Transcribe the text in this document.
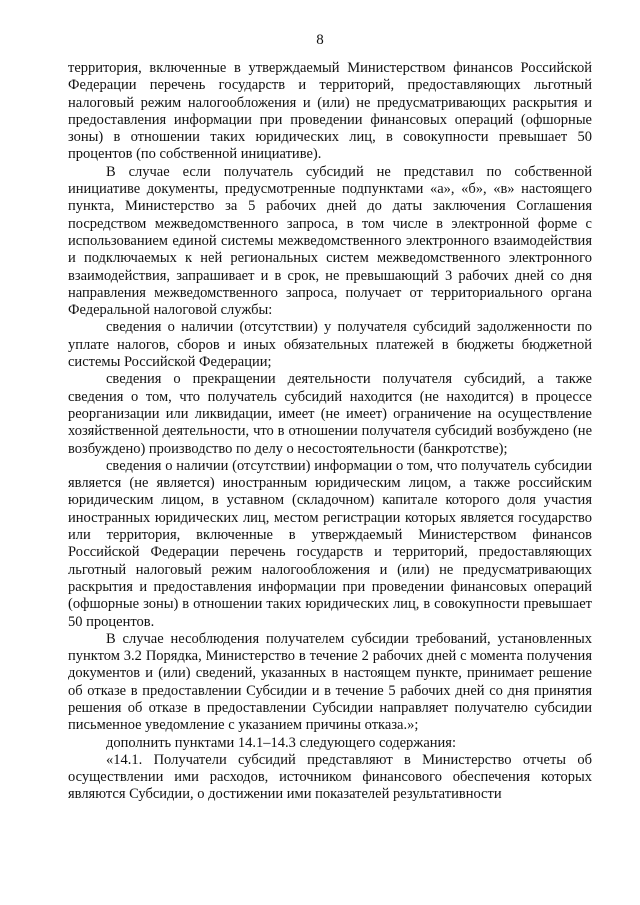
8

территория, включенные в утверждаемый Министерством финансов Российской Федерации перечень государств и территорий, предоставляющих льготный налоговый режим налогообложения и (или) не предусматривающих раскрытия и предоставления информации при проведении финансовых операций (офшорные зоны) в отношении таких юридических лиц, в совокупности превышает 50 процентов (по собственной инициативе).

В случае если получатель субсидий не представил по собственной инициативе документы, предусмотренные подпунктами «а», «б», «в» настоящего пункта, Министерство за 5 рабочих дней до даты заключения Соглашения посредством межведомственного запроса, в том числе в электронной форме с использованием единой системы межведомственного электронного взаимодействия и подключаемых к ней региональных систем межведомственного электронного взаимодействия, запрашивает и в срок, не превышающий 3 рабочих дней со дня направления межведомственного запроса, получает от территориального органа Федеральной налоговой службы:

сведения о наличии (отсутствии) у получателя субсидий задолженности по уплате налогов, сборов и иных обязательных платежей в бюджеты бюджетной системы Российской Федерации;

сведения о прекращении деятельности получателя субсидий, а также сведения о том, что получатель субсидий находится (не находится) в процессе реорганизации или ликвидации, имеет (не имеет) ограничение на осуществление хозяйственной деятельности, что в отношении получателя субсидий возбуждено (не возбуждено) производство по делу о несостоятельности (банкротстве);

сведения о наличии (отсутствии) информации о том, что получатель субсидии является (не является) иностранным юридическим лицом, а также российским юридическим лицом, в уставном (складочном) капитале которого доля участия иностранных юридических лиц, местом регистрации которых является государство или территория, включенные в утверждаемый Министерством финансов Российской Федерации перечень государств и территорий, предоставляющих льготный налоговый режим налогообложения и (или) не предусматривающих раскрытия и предоставления информации при проведении финансовых операций (офшорные зоны) в отношении таких юридических лиц, в совокупности превышает 50 процентов.

В случае несоблюдения получателем субсидии требований, установленных пунктом 3.2 Порядка, Министерство в течение 2 рабочих дней с момента получения документов и (или) сведений, указанных в настоящем пункте, принимает решение об отказе в предоставлении Субсидии и в течение 5 рабочих дней со дня принятия решения об отказе в предоставлении Субсидии направляет получателю субсидии письменное уведомление с указанием причины отказа.»;

дополнить пунктами 14.1–14.3 следующего содержания:

«14.1. Получатели субсидий представляют в Министерство отчеты об осуществлении ими расходов, источником финансового обеспечения которых являются Субсидии, о достижении ими показателей результативности
